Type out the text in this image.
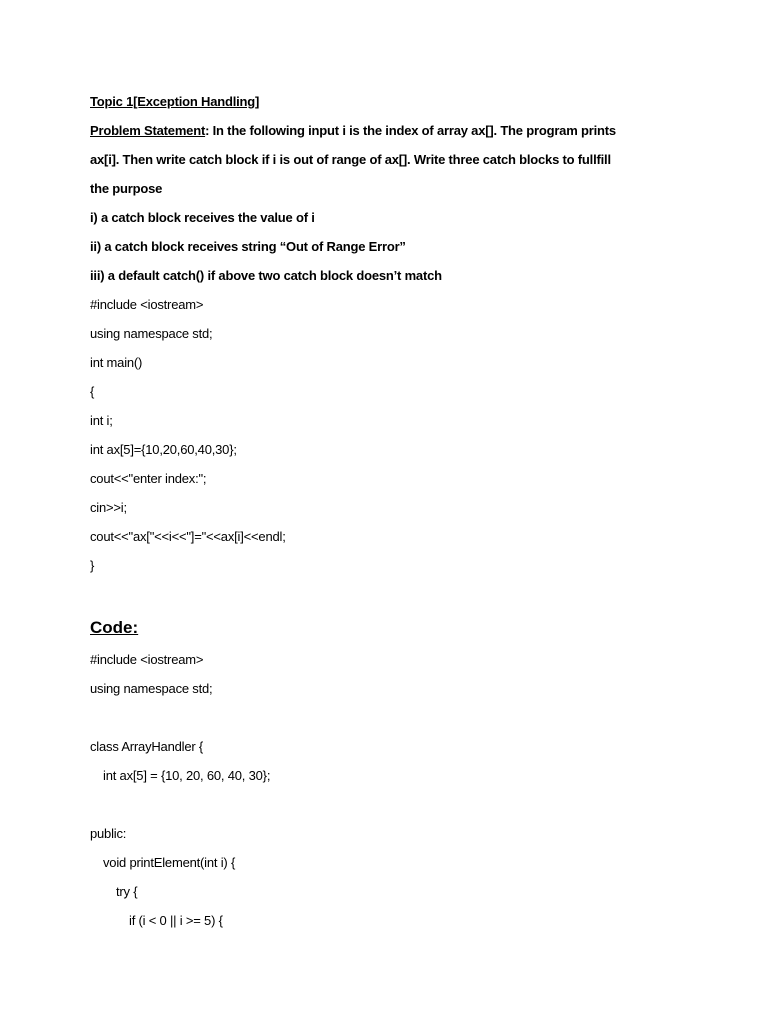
Topic 1[Exception Handling]
Problem Statement: In the following input i is the index of array ax[]. The program prints
ax[i]. Then write catch block if i is out of range of ax[]. Write three catch blocks to fullfill
the purpose
i) a catch block receives the value of i
ii) a catch block receives string “Out of Range Error”
iii) a default catch() if above two catch block doesn’t match
#include <iostream>
using namespace std;
int main()
{
int i;
int ax[5]={10,20,60,40,30};
cout<<"enter index:";
cin>>i;
cout<<"ax["<<i<<"]="<<ax[i]<<endl;
}
Code:
#include <iostream>
using namespace std;
class ArrayHandler {
int ax[5] = {10, 20, 60, 40, 30};
public:
void printElement(int i) {
try {
if (i < 0 || i >= 5) {
